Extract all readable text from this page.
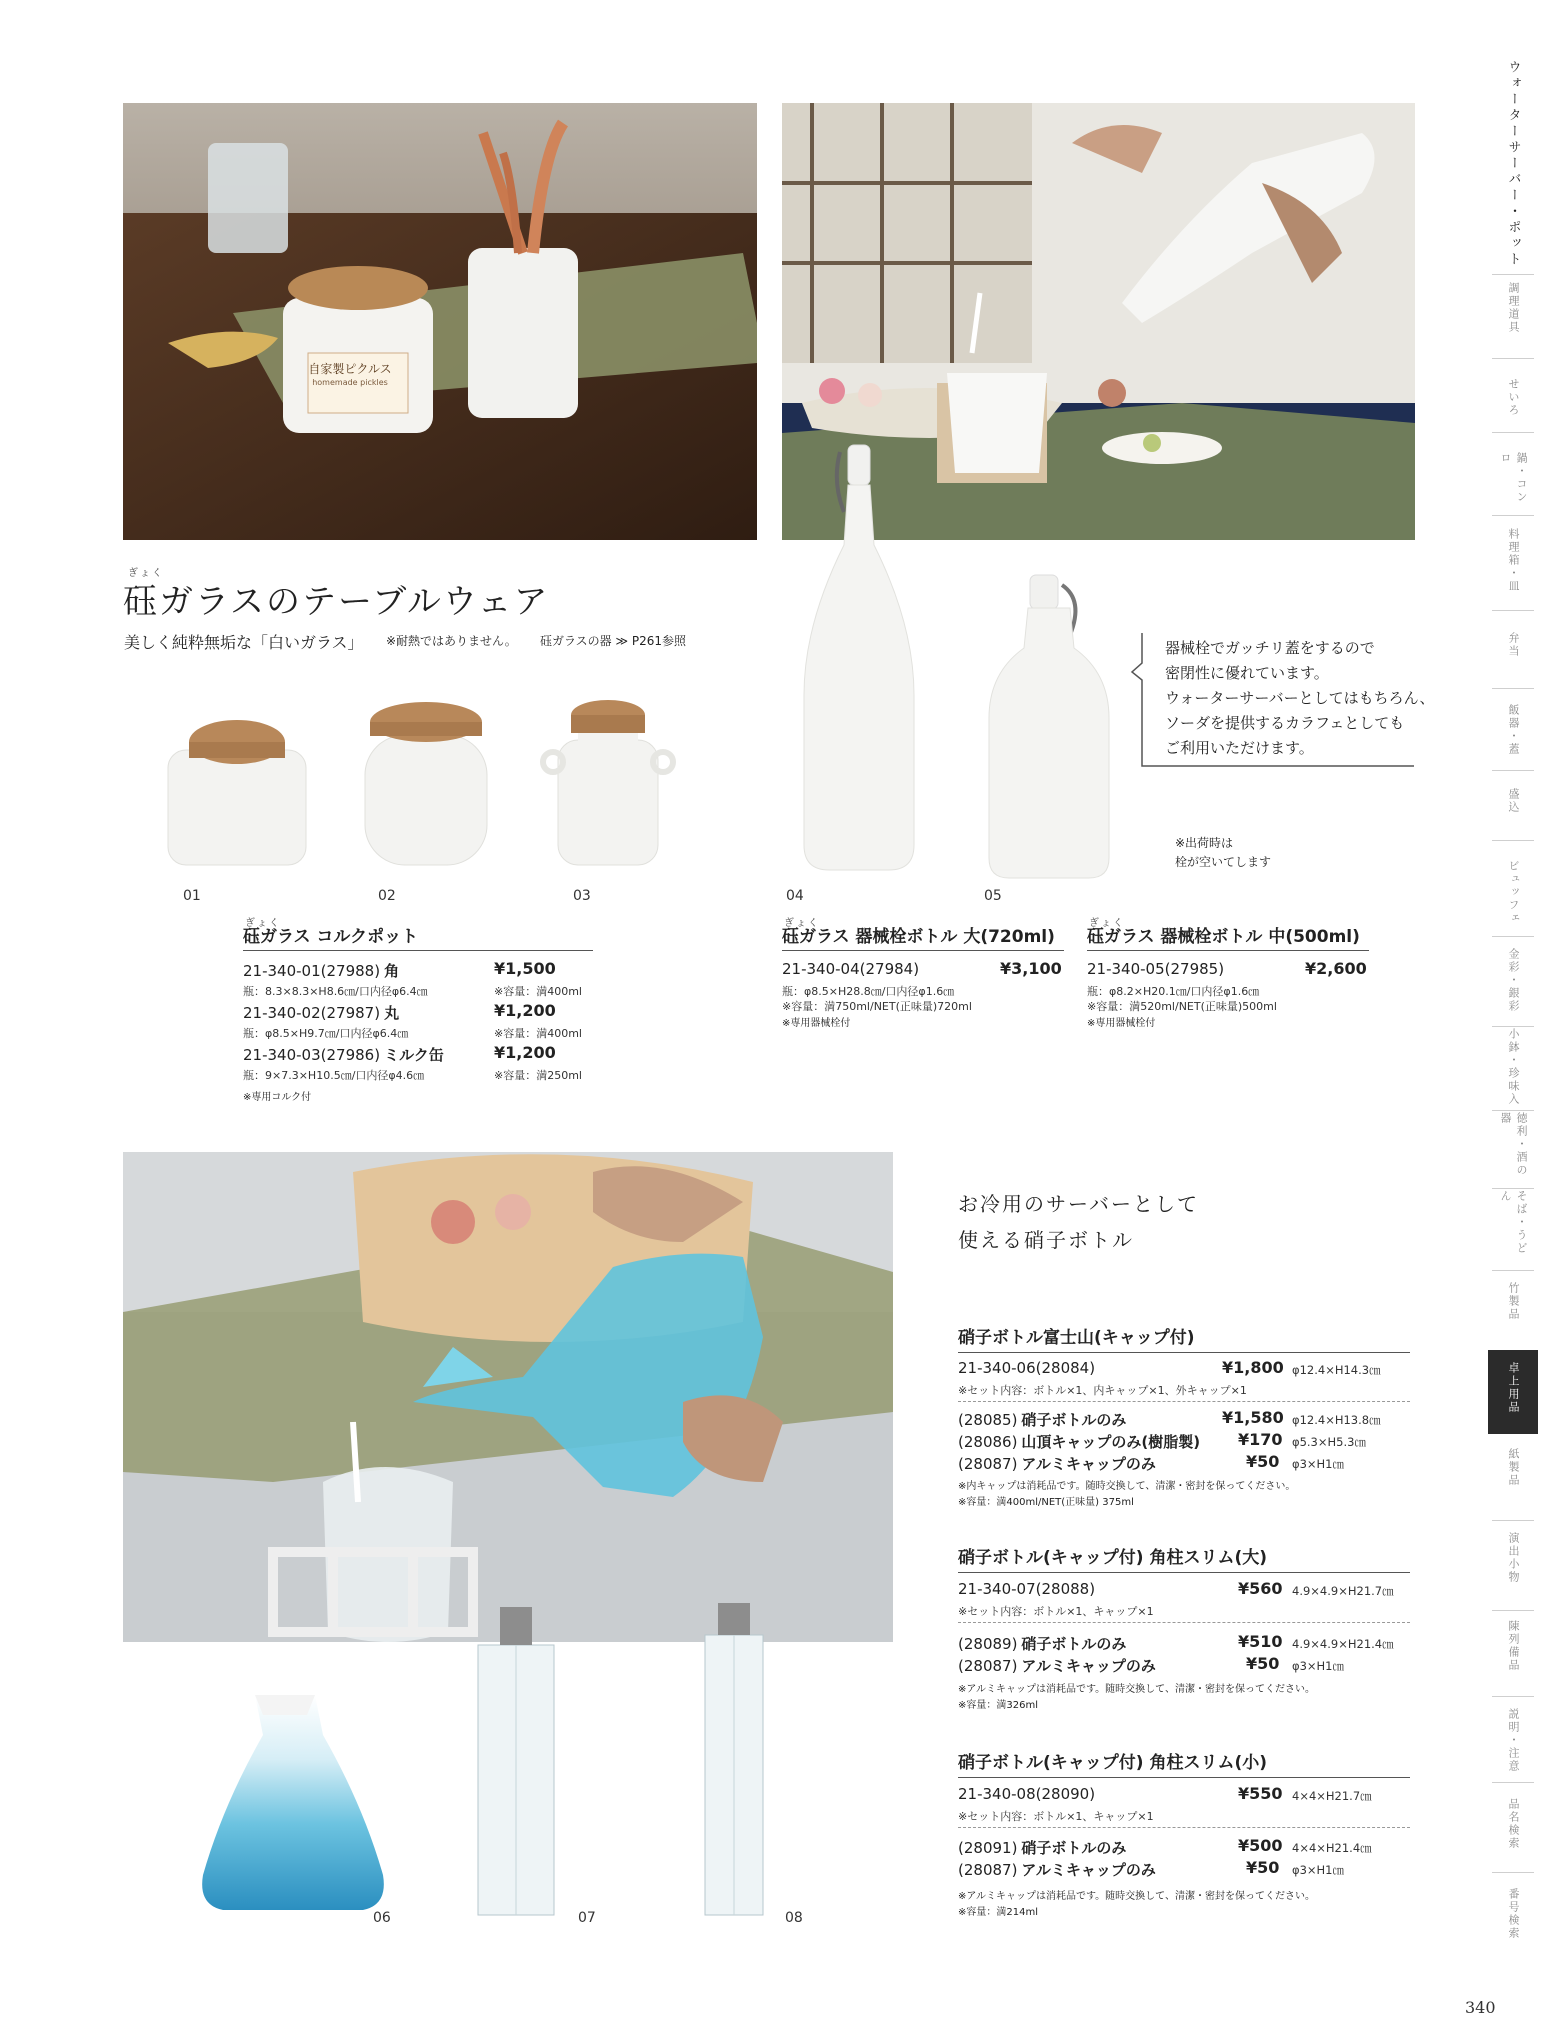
ウォーターサーバー・ポット
調理道具
せいろ
鍋・コンロ
料理箱・皿
弁当
飯器・蓋
盛込
ビュッフェ
金彩・銀彩
小鉢・珍味入
徳利・酒の器
そば・うどん
竹製品
卓上用品
紙製品
演出小物
陳列備品
説明・注意
品名検索
番号検索
自家製ピクルス
homemade pickles
ぎょく
砡ガラスのテーブルウェア
美しく純粋無垢な「白いガラス」 ※耐熱ではありません。 砡ガラスの器 ≫ P261参照
01	02	03	04	05
器械栓でガッチリ蓋をするので
密閉性に優れています。
ウォーターサーバーとしてはもちろん、
ソーダを提供するカラフェとしても
ご利用いただけます。
※出荷時は
栓が空いてします
ぎょく
砡ガラス コルクポット
21-340-01 (27988) 角	¥1,500
瓶：8.3×8.3×H8.6㎝/口内径φ6.4㎝	※容量：満400ml
21-340-02 (27987) 丸	¥1,200
瓶：φ8.5×H9.7㎝/口内径φ6.4㎝	※容量：満400ml
21-340-03 (27986) ミルク缶	¥1,200
瓶：9×7.3×H10.5㎝/口内径φ4.6㎝	※容量：満250ml
※専用コルク付
ぎょく
砡ガラス 器械栓ボトル 大(720ml)
21-340-04 (27984)	¥3,100
瓶：φ8.5×H28.8㎝/口内径φ1.6㎝
※容量：満750ml/NET(正味量)720ml
※専用器械栓付
ぎょく
砡ガラス 器械栓ボトル 中(500ml)
21-340-05 (27985)	¥2,600
瓶：φ8.2×H20.1㎝/口内径φ1.6㎝
※容量：満520ml/NET(正味量)500ml
※専用器械栓付
お冷用のサーバーとして
使える硝子ボトル
06	07	08
硝子ボトル富士山(キャップ付)
21-340-06 (28084)	¥1,800 φ12.4×H14.3㎝
※セット内容：ボトル×1、内キャップ×1、外キャップ×1
(28085) 硝子ボトルのみ	¥1,580 φ12.4×H13.8㎝
(28086) 山頂キャップのみ(樹脂製) ¥170 φ5.3×H5.3㎝
(28087) アルミキャップのみ	¥50 φ3×H1㎝
※内キャップは消耗品です。随時交換して、清潔・密封を保ってください。
※容量：満400ml/NET(正味量) 375ml
硝子ボトル(キャップ付) 角柱スリム(大)
21-340-07 (28088)	¥560 4.9×4.9×H21.7㎝
※セット内容：ボトル×1、キャップ×1
(28089) 硝子ボトルのみ	¥510 4.9×4.9×H21.4㎝
(28087) アルミキャップのみ	¥50 φ3×H1㎝
※アルミキャップは消耗品です。随時交換して、清潔・密封を保ってください。
※容量：満326ml
硝子ボトル(キャップ付) 角柱スリム(小)
21-340-08 (28090)	¥550 4×4×H21.7㎝
※セット内容：ボトル×1、キャップ×1
(28091) 硝子ボトルのみ	¥500 4×4×H21.4㎝
(28087) アルミキャップのみ	¥50 φ3×H1㎝
※アルミキャップは消耗品です。随時交換して、清潔・密封を保ってください。
※容量：満214ml
340
